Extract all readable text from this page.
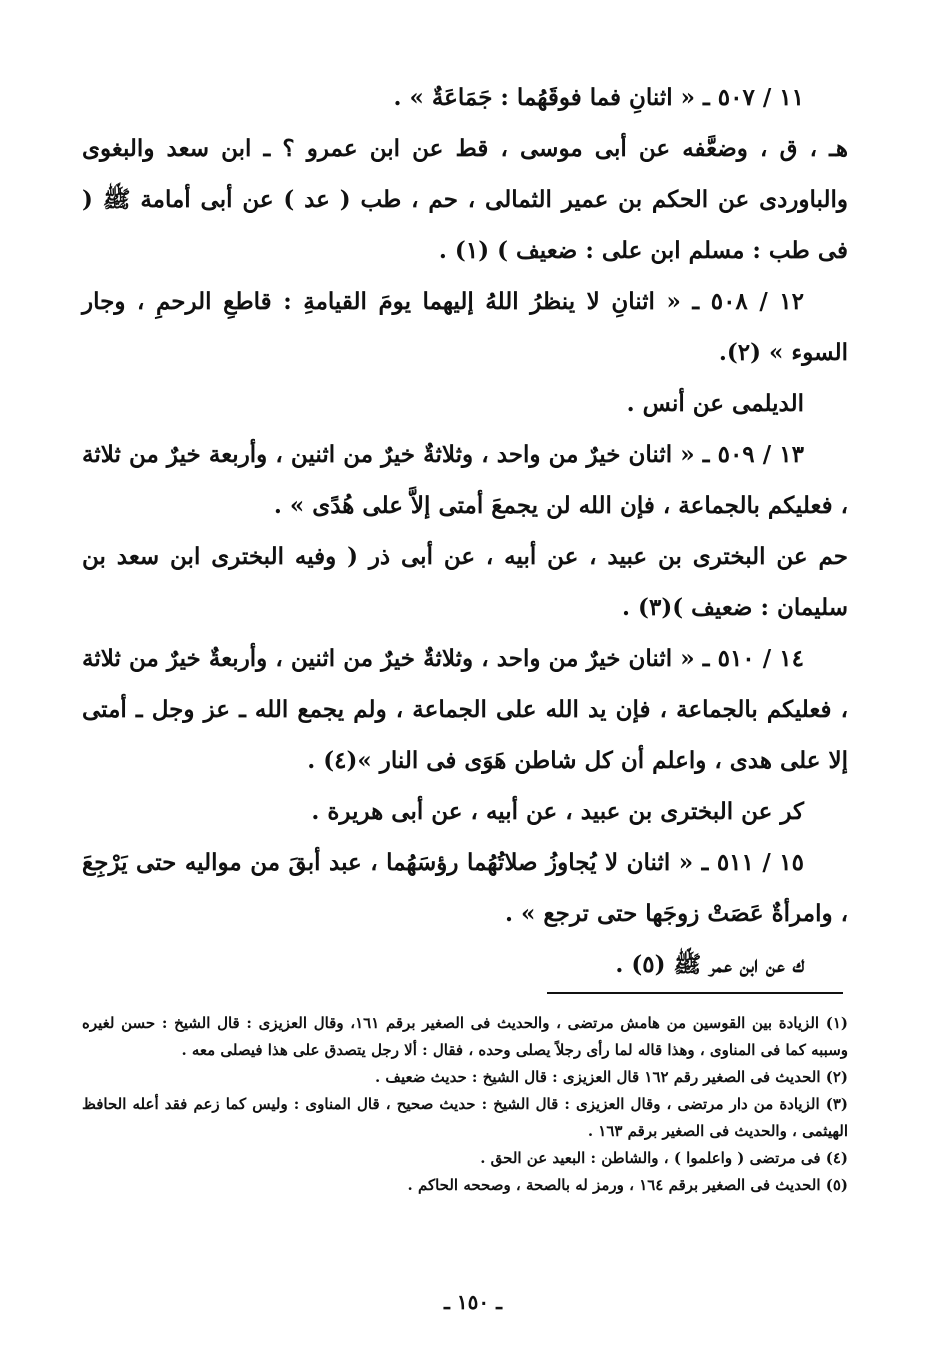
١١ / ٥٠٧ ـ « اثنانِ فما فوقَهُما : جَمَاعَةٌ » .

هـ ، ق ، وضعَّفه عن أبى موسى ، قط عن ابن عمرو ؟ ـ ابن سعد والبغوى والباوردى عن الحكم بن عمير الثمالى ، حم ، طب ( عد ) عن أبى أمامة ﷺ ( فى طب : مسلم ابن على : ضعيف ) (١) .

١٢ / ٥٠٨ ـ « اثنانِ لا ينظرُ اللهُ إليهما يومَ القيامةِ : قاطعِ الرحمِ ، وجار السوء » (٢).

الديلمى عن أنس .

١٣ / ٥٠٩ ـ « اثنان خيرٌ من واحد ، وثلاثةٌ خيرٌ من اثنين ، وأربعة خيرٌ من ثلاثة ، فعليكم بالجماعة ، فإن الله لن يجمعَ أمتى إلاَّ على هُدًى » .

حم عن البخترى بن عبيد ، عن أبيه ، عن أبى ذر ( وفيه البخترى ابن سعد بن سليمان : ضعيف )(٣) .

١٤ / ٥١٠ ـ « اثنان خيرٌ من واحد ، وثلاثةٌ خيرٌ من اثنين ، وأربعةٌ خيرٌ من ثلاثة ، فعليكم بالجماعة ، فإن يد الله على الجماعة ، ولم يجمع الله ـ عز وجل ـ أمتى إلا على هدى ، واعلم أن كل شاطن هَوَى فى النار »(٤) .

كر عن البخترى بن عبيد ، عن أبيه ، عن أبى هريرة .

١٥ / ٥١١ ـ « اثنان لا يُجاوزُ صلاتُهُما رؤسَهُما ، عبد أبقَ من مواليه حتى يَرْجِعَ ، وامرأةٌ عَصَتْ زوجَها حتى ترجع » .

ك عن ابن عمر ﷺ (٥) .

(١) الزيادة بين القوسين من هامش مرتضى ، والحديث فى الصغير برقم ١٦١، وقال العزيزى : قال الشيخ : حسن لغيره وسببه كما فى المناوى ، وهذا قاله لما رأى رجلاً يصلى وحده ، فقال : ألا رجل يتصدق على هذا فيصلى معه .

(٢) الحديث فى الصغير رقم ١٦٢ قال العزيزى : قال الشيخ : حديث ضعيف .

(٣) الزيادة من دار مرتضى ، وقال العزيزى : قال الشيخ : حديث صحيح ، قال المناوى : وليس كما زعم فقد أعله الحافظ الهيثمى ، والحديث فى الصغير برقم ١٦٣ .

(٤) فى مرتضى ( واعلموا ) ، والشاطن : البعيد عن الحق .

(٥) الحديث فى الصغير برقم ١٦٤ ، ورمز له بالصحة ، وصححه الحاكم .

ـ ١٥٠ ـ
